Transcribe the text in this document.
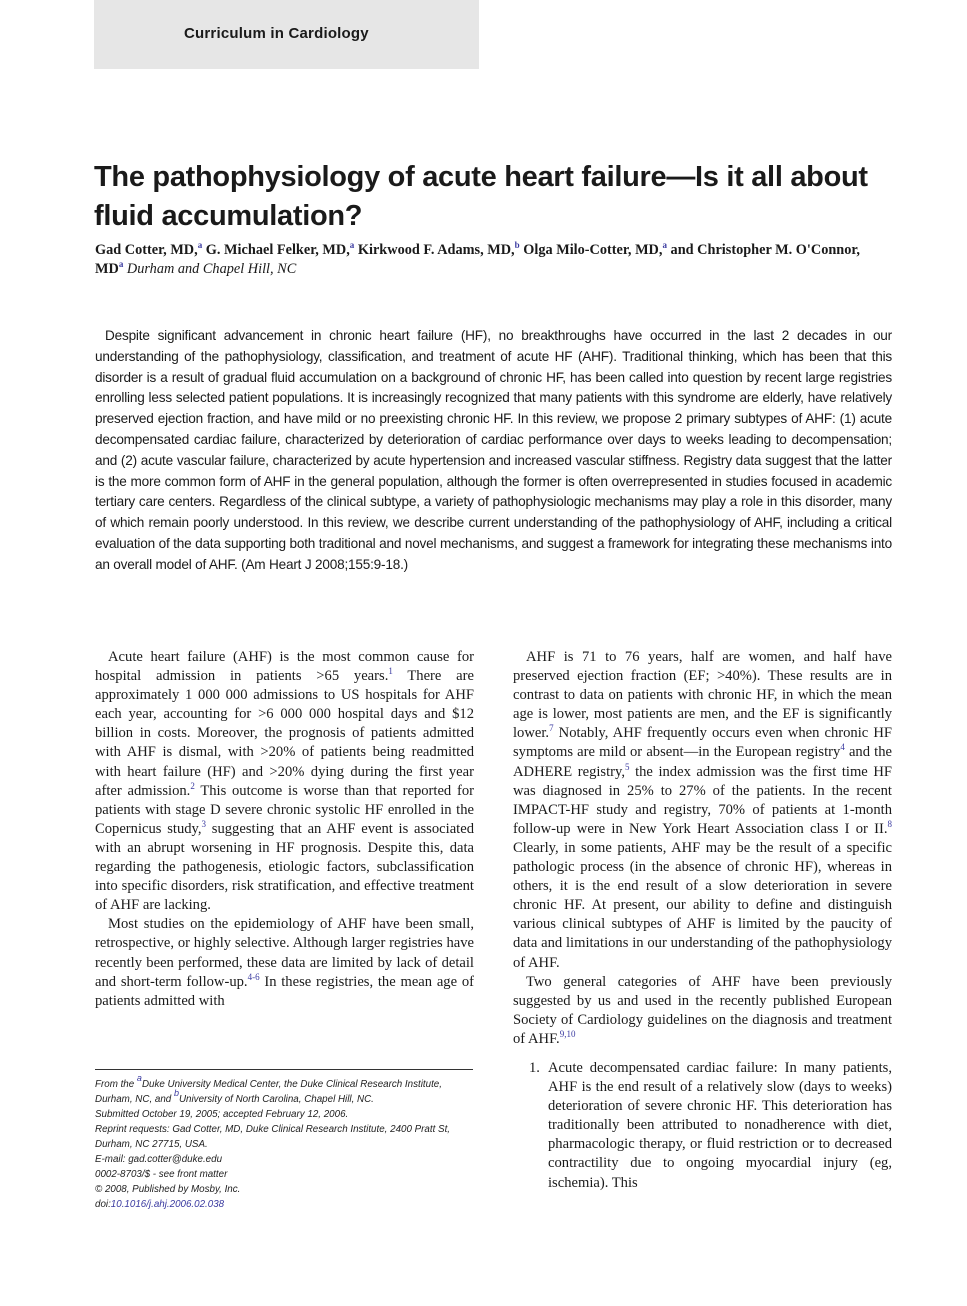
Curriculum in Cardiology
The pathophysiology of acute heart failure—Is it all about fluid accumulation?
Gad Cotter, MD,$^a$ G. Michael Felker, MD,$^a$ Kirkwood F. Adams, MD,$^b$ Olga Milo-Cotter, MD,$^a$ and Christopher M. O'Connor, $MD^a$ Durham and Chapel Hill, NC
Despite significant advancement in chronic heart failure (HF), no breakthroughs have occurred in the last 2 decades in our understanding of the pathophysiology, classification, and treatment of acute HF (AHF). Traditional thinking, which has been that this disorder is a result of gradual fluid accumulation on a background of chronic HF, has been called into question by recent large registries enrolling less selected patient populations. It is increasingly recognized that many patients with this syndrome are elderly, have relatively preserved ejection fraction, and have mild or no preexisting chronic HF. In this review, we propose 2 primary subtypes of AHF: (1) acute decompensated cardiac failure, characterized by deterioration of cardiac performance over days to weeks leading to decompensation; and (2) acute vascular failure, characterized by acute hypertension and increased vascular stiffness. Registry data suggest that the latter is the more common form of AHF in the general population, although the former is often overrepresented in studies focused in academic tertiary care centers. Regardless of the clinical subtype, a variety of pathophysiologic mechanisms may play a role in this disorder, many of which remain poorly understood. In this review, we describe current understanding of the pathophysiology of AHF, including a critical evaluation of the data supporting both traditional and novel mechanisms, and suggest a framework for integrating these mechanisms into an overall model of AHF. (Am Heart J 2008;155:9-18.)

Acute heart failure (AHF) is the most common cause for hospital admission in patients >65 years.$^1$ There are approximately 1 000 000 admissions to US hospitals for AHF each year, accounting for >6 000 000 hospital days and $12 billion in costs. Moreover, the prognosis of patients admitted with AHF is dismal, with >20% of patients being readmitted with heart failure (HF) and >20% dying during the first year after admission.$^2$ This outcome is worse than that reported for patients with stage D severe chronic systolic HF enrolled in the Copernicus study,$^3$ suggesting that an AHF event is associated with an abrupt worsening in HF prognosis. Despite this, data regarding the pathogenesis, etiologic factors, subclassification into specific disorders, risk stratification, and effective treatment of AHF are lacking.

Most studies on the epidemiology of AHF have been small, retrospective, or highly selective. Although larger registries have recently been performed, these data are limited by lack of detail and short-term follow-up.$^{4-6}$ In these registries, the mean age of patients admitted with

From the $^a$Duke University Medical Center, the Duke Clinical Research Institute, Durham, NC, and $^b$University of North Carolina, Chapel Hill, NC.
Submitted October 19, 2005; accepted February 12, 2006.
Reprint requests: Gad Cotter, MD, Duke Clinical Research Institute, 2400 Pratt St, Durham, NC 27715, USA.
E-mail: gad.cotter@duke.edu
0002-8703/$ - see front matter
© 2008, Published by Mosby, Inc.
doi:10.1016/j.ahj.2006.02.038

AHF is 71 to 76 years, half are women, and half have preserved ejection fraction (EF; >40%). These results are in contrast to data on patients with chronic HF, in which the mean age is lower, most patients are men, and the EF is significantly lower.$^7$ Notably, AHF frequently occurs even when chronic HF symptoms are mild or absent—in the European registry$^4$ and the ADHERE registry,$^5$ the index admission was the first time HF was diagnosed in 25% to 27% of the patients. In the recent IMPACT-HF study and registry, 70% of patients at 1-month follow-up were in New York Heart Association class I or II.$^8$ Clearly, in some patients, AHF may be the result of a specific pathologic process (in the absence of chronic HF), whereas in others, it is the end result of a slow deterioration in severe chronic HF. At present, our ability to define and distinguish various clinical subtypes of AHF is limited by the paucity of data and limitations in our understanding of the pathophysiology of AHF.

Two general categories of AHF have been previously suggested by us and used in the recently published European Society of Cardiology guidelines on the diagnosis and treatment of AHF.$^{9,10}$

1. Acute decompensated cardiac failure: In many patients, AHF is the end result of a relatively slow (days to weeks) deterioration of severe chronic HF. This deterioration has traditionally been attributed to nonadherence with diet, pharmacologic therapy, or fluid restriction or to decreased contractility due to ongoing myocardial injury (eg, ischemia). This
